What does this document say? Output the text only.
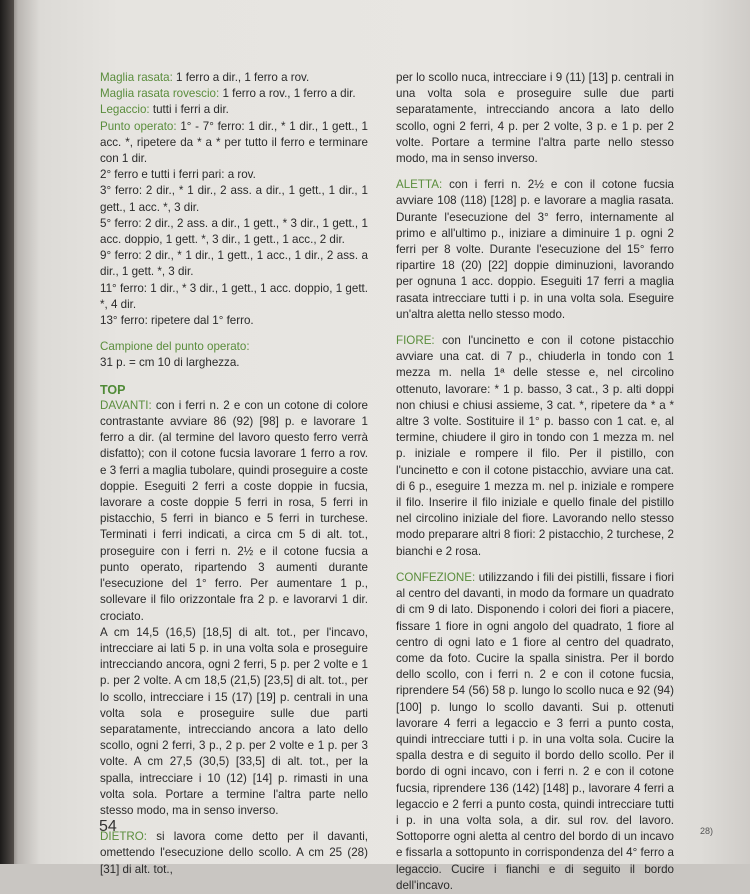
Maglia rasata: 1 ferro a dir., 1 ferro a rov.

Maglia rasata rovescio: 1 ferro a rov., 1 ferro a dir.

Legaccio: tutti i ferri a dir.

Punto operato: 1° - 7° ferro: 1 dir., * 1 dir., 1 gett., 1 acc. *, ripetere da * a * per tutto il ferro e terminare con 1 dir.

2° ferro e tutti i ferri pari: a rov.

3° ferro: 2 dir., * 1 dir., 2 ass. a dir., 1 gett., 1 dir., 1 gett., 1 acc. *, 3 dir.

5° ferro: 2 dir., 2 ass. a dir., 1 gett., * 3 dir., 1 gett., 1 acc. doppio, 1 gett. *, 3 dir., 1 gett., 1 acc., 2 dir.

9° ferro: 2 dir., * 1 dir., 1 gett., 1 acc., 1 dir., 2 ass. a dir., 1 gett. *, 3 dir.

11° ferro: 1 dir., * 3 dir., 1 gett., 1 acc. doppio, 1 gett. *, 4 dir.

13° ferro: ripetere dal 1° ferro.

Campione del punto operato:

31 p. = cm 10 di larghezza.

TOP

DAVANTI: con i ferri n. 2 e con un cotone di colore contrastante avviare 86 (92) [98] p. e lavorare 1 ferro a dir. (al termine del lavoro questo ferro verrà disfatto); con il cotone fucsia lavorare 1 ferro a rov. e 3 ferri a maglia tubolare, quindi proseguire a coste doppie. Eseguiti 2 ferri a coste doppie in fucsia, lavorare a coste doppie 5 ferri in rosa, 5 ferri in pistacchio, 5 ferri in bianco e 5 ferri in turchese. Terminati i ferri indicati, a circa cm 5 di alt. tot., proseguire con i ferri n. 2½ e il cotone fucsia a punto operato, ripartendo 3 aumenti durante l'esecuzione del 1° ferro. Per aumentare 1 p., sollevare il filo orizzontale fra 2 p. e lavorarvi 1 dir. crociato.

A cm 14,5 (16,5) [18,5] di alt. tot., per l'incavo, intrecciare ai lati 5 p. in una volta sola e proseguire intrecciando ancora, ogni 2 ferri, 5 p. per 2 volte e 1 p. per 2 volte. A cm 18,5 (21,5) [23,5] di alt. tot., per lo scollo, intrecciare i 15 (17) [19] p. centrali in una volta sola e proseguire sulle due parti separatamente, intrecciando ancora a lato dello scollo, ogni 2 ferri, 3 p., 2 p. per 2 volte e 1 p. per 3 volte. A cm 27,5 (30,5) [33,5] di alt. tot., per la spalla, intrecciare i 10 (12) [14] p. rimasti in una volta sola. Portare a termine l'altra parte nello stesso modo, ma in senso inverso.

DIETRO: si lavora come detto per il davanti, omettendo l'esecuzione dello scollo. A cm 25 (28) [31] di alt. tot.,

per lo scollo nuca, intrecciare i 9 (11) [13] p. centrali in una volta sola e proseguire sulle due parti separatamente, intrecciando ancora a lato dello scollo, ogni 2 ferri, 4 p. per 2 volte, 3 p. e 1 p. per 2 volte. Portare a termine l'altra parte nello stesso modo, ma in senso inverso.

ALETTA: con i ferri n. 2½ e con il cotone fucsia avviare 108 (118) [128] p. e lavorare a maglia rasata. Durante l'esecuzione del 3° ferro, internamente al primo e all'ultimo p., iniziare a diminuire 1 p. ogni 2 ferri per 8 volte. Durante l'esecuzione del 15° ferro ripartire 18 (20) [22] doppie diminuzioni, lavorando per ognuna 1 acc. doppio. Eseguiti 17 ferri a maglia rasata intrecciare tutti i p. in una volta sola. Eseguire un'altra aletta nello stesso modo.

FIORE: con l'uncinetto e con il cotone pistacchio avviare una cat. di 7 p., chiuderla in tondo con 1 mezza m. nella 1ª delle stesse e, nel circolino ottenuto, lavorare: * 1 p. basso, 3 cat., 3 p. alti doppi non chiusi e chiusi assieme, 3 cat. *, ripetere da * a * altre 3 volte. Sostituire il 1° p. basso con 1 cat. e, al termine, chiudere il giro in tondo con 1 mezza m. nel p. iniziale e rompere il filo. Per il pistillo, con l'uncinetto e con il cotone pistacchio, avviare una cat. di 6 p., eseguire 1 mezza m. nel p. iniziale e rompere il filo. Inserire il filo iniziale e quello finale del pistillo nel circolino iniziale del fiore. Lavorando nello stesso modo preparare altri 8 fiori: 2 pistacchio, 2 turchese, 2 bianchi e 2 rosa.

CONFEZIONE: utilizzando i fili dei pistilli, fissare i fiori al centro del davanti, in modo da formare un quadrato di cm 9 di lato. Disponendo i colori dei fiori a piacere, fissare 1 fiore in ogni angolo del quadrato, 1 fiore al centro di ogni lato e 1 fiore al centro del quadrato, come da foto. Cucire la spalla sinistra. Per il bordo dello scollo, con i ferri n. 2 e con il cotone fucsia, riprendere 54 (56) 58 p. lungo lo scollo nuca e 92 (94) [100] p. lungo lo scollo davanti. Sui p. ottenuti lavorare 4 ferri a legaccio e 3 ferri a punto costa, quindi intrecciare tutti i p. in una volta sola. Cucire la spalla destra e di seguito il bordo dello scollo. Per il bordo di ogni incavo, con i ferri n. 2 e con il cotone fucsia, riprendere 136 (142) [148] p., lavorare 4 ferri a legaccio e 2 ferri a punto costa, quindi intrecciare tutti i p. in una volta sola, a dir. sul rov. del lavoro. Sottoporre ogni aletta al centro del bordo di un incavo e fissarla a sottopunto in corrispondenza del 4° ferro a legaccio. Cucire i fianchi e di seguito il bordo dell'incavo.

54	28)
